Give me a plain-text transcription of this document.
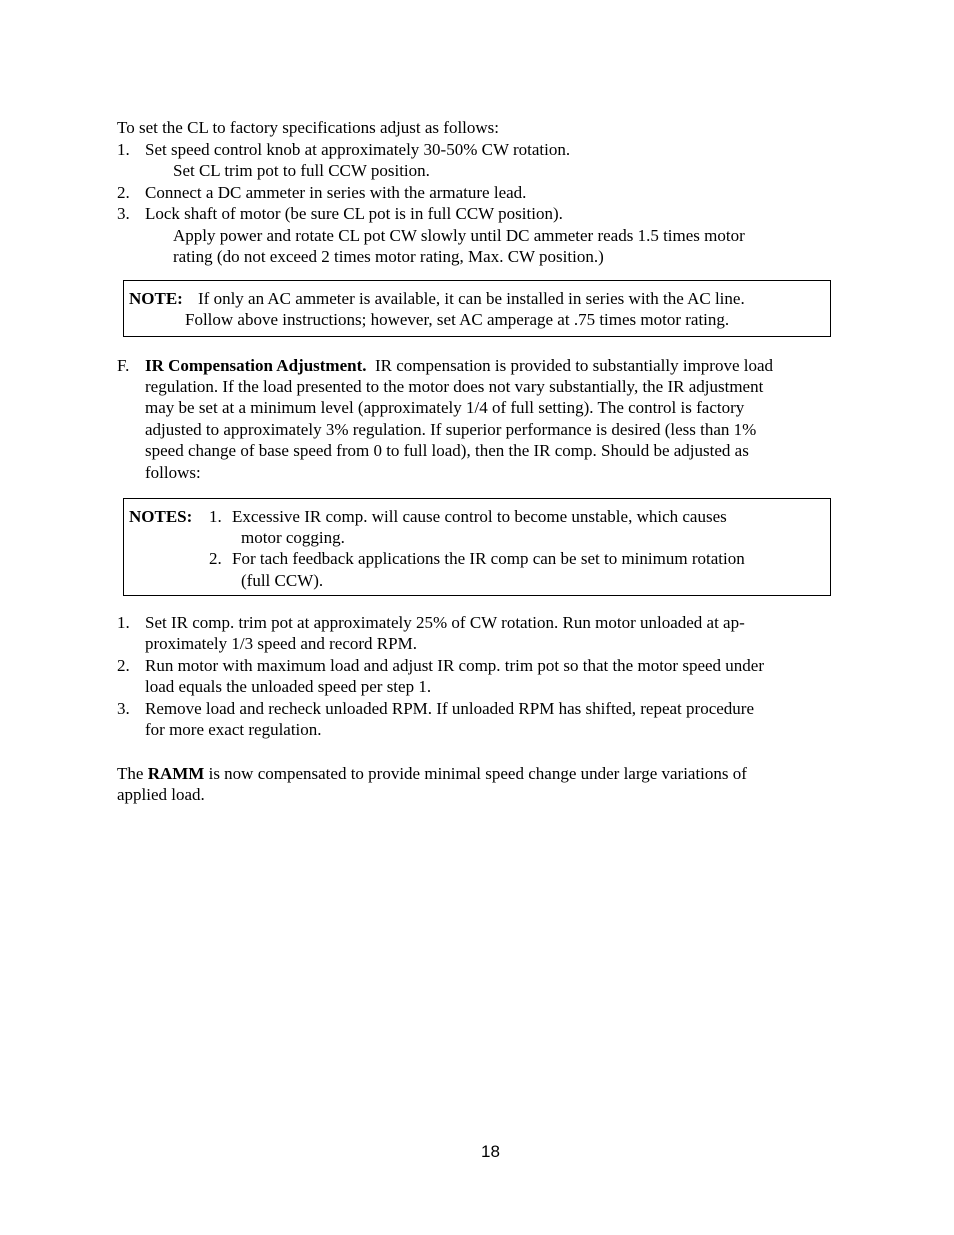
To set the CL to factory specifications adjust as follows:
1. Set speed control knob at approximately 30-50% CW rotation.
Set CL trim pot to full CCW position.
2. Connect a DC ammeter in series with the armature lead.
3. Lock shaft of motor (be sure CL pot is in full CCW position).
Apply power and rotate CL pot CW slowly until DC ammeter reads 1.5 times motor
rating (do not exceed 2 times motor rating, Max. CW position.)
NOTE: If only an AC ammeter is available, it can be installed in series with the AC line.
Follow above instructions; however, set AC amperage at .75 times motor rating.
F. IR Compensation Adjustment. IR compensation is provided to substantially improve load
regulation. If the load presented to the motor does not vary substantially, the IR adjustment
may be set at a minimum level (approximately 1/4 of full setting). The control is factory
adjusted to approximately 3% regulation. If superior performance is desired (less than 1%
speed change of base speed from 0 to full load), then the IR comp. Should be adjusted as
follows:
NOTES: 1. Excessive IR comp. will cause control to become unstable, which causes
motor cogging.
2. For tach feedback applications the IR comp can be set to minimum rotation
(full CCW).
1. Set IR comp. trim pot at approximately 25% of CW rotation. Run motor unloaded at ap-
proximately 1/3 speed and record RPM.
2. Run motor with maximum load and adjust IR comp. trim pot so that the motor speed under
load equals the unloaded speed per step 1.
3. Remove load and recheck unloaded RPM. If unloaded RPM has shifted, repeat procedure
for more exact regulation.
The RAMM is now compensated to provide minimal speed change under large variations of
applied load.
18
